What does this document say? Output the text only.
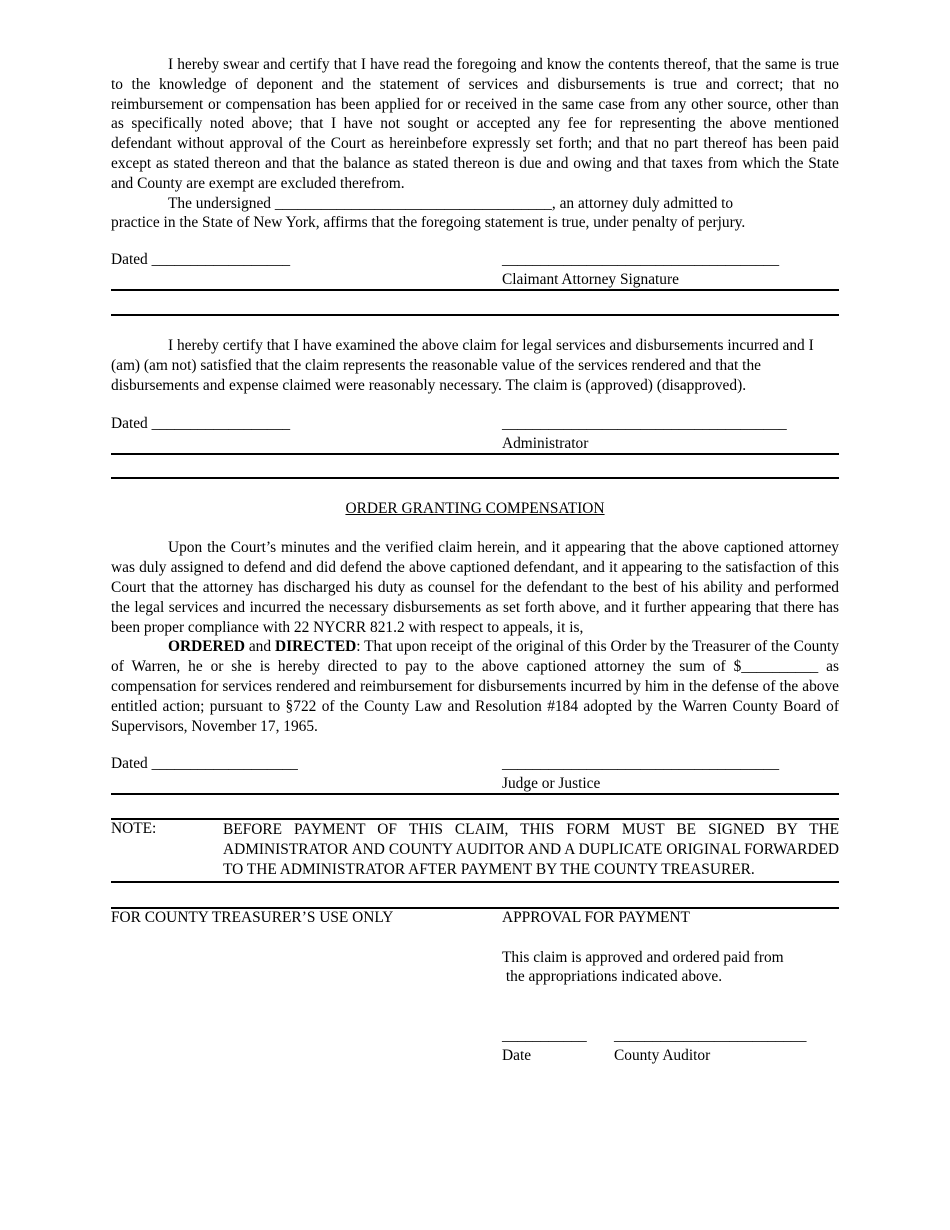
I hereby swear and certify that I have read the foregoing and know the contents thereof, that the same is true to the knowledge of deponent and the statement of services and disbursements is true and correct; that no reimbursement or compensation has been applied for or received in the same case from any other source, other than as specifically noted above; that I have not sought or accepted any fee for representing the above mentioned defendant without approval of the Court as hereinbefore expressly set forth; and that no part thereof has been paid except as stated thereon and that the balance as stated thereon is due and owing and that taxes from which the State and County are exempt are excluded therefrom.

The undersigned ____________________________________, an attorney duly admitted to

practice in the State of New York, affirms that the foregoing statement is true, under penalty of perjury.

Dated __________________	____________________________________
Claimant Attorney Signature

I hereby certify that I have examined the above claim for legal services and disbursements incurred and I (am) (am not) satisfied that the claim represents the reasonable value of the services rendered and that the disbursements and expense claimed were reasonably necessary. The claim is (approved) (disapproved).

Dated __________________	_____________________________________
Administrator

ORDER GRANTING COMPENSATION

Upon the Court’s minutes and the verified claim herein, and it appearing that the above captioned attorney was duly assigned to defend and did defend the above captioned defendant, and it appearing to the satisfaction of this Court that the attorney has discharged his duty as counsel for the defendant to the best of his ability and performed the legal services and incurred the necessary disbursements as set forth above, and it further appearing that there has been proper compliance with 22 NYCRR 821.2 with respect to appeals, it is,

ORDERED and DIRECTED: That upon receipt of the original of this Order by the Treasurer of the County of Warren, he or she is hereby directed to pay to the above captioned attorney the sum of $__________ as compensation for services rendered and reimbursement for disbursements incurred by him in the defense of the above entitled action; pursuant to §722 of the County Law and Resolution #184 adopted by the Warren County Board of Supervisors, November 17, 1965.

Dated ___________________	____________________________________
Judge or Justice
NOTE:	BEFORE PAYMENT OF THIS CLAIM, THIS FORM MUST BE SIGNED BY THE ADMINISTRATOR AND COUNTY AUDITOR AND A DUPLICATE ORIGINAL FORWARDED TO THE ADMINISTRATOR AFTER PAYMENT BY THE COUNTY TREASURER.

FOR COUNTY TREASURER’S USE ONLY	APPROVAL FOR PAYMENT
This claim is approved and ordered paid from
the appropriations indicated above.
___________ _________________________
Date	County Auditor
